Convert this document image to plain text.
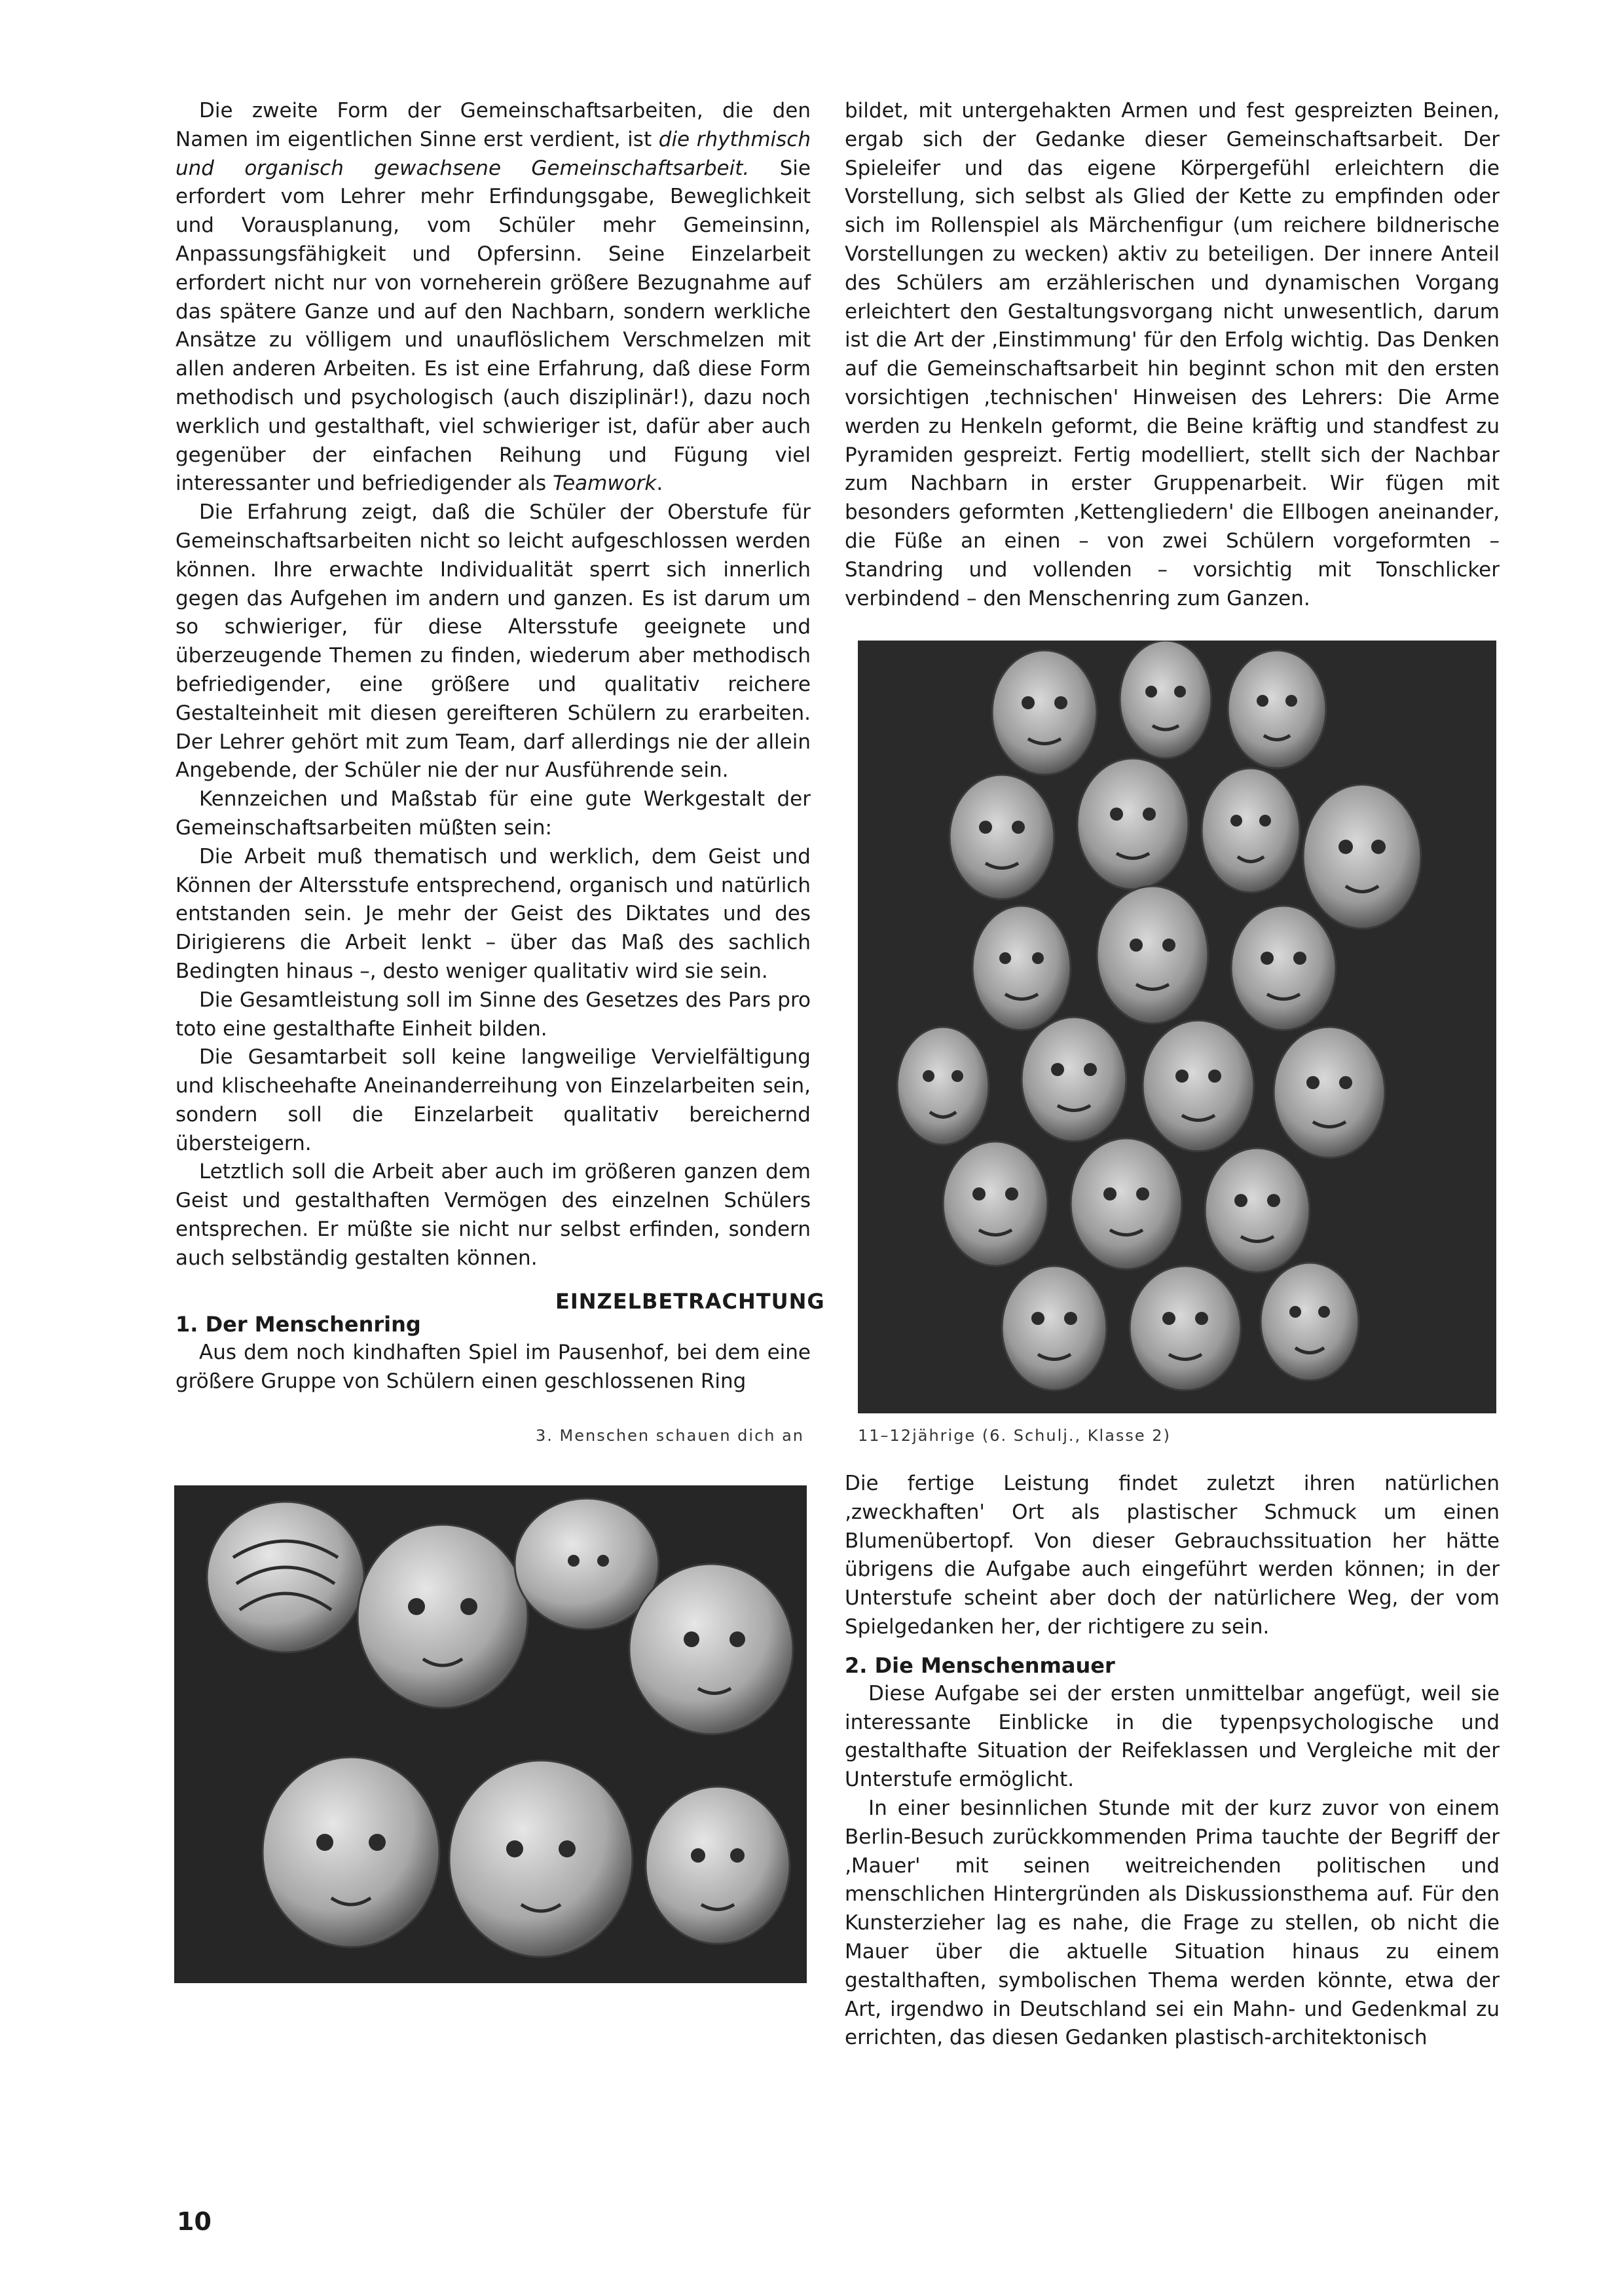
Die zweite Form der Gemeinschaftsarbeiten, die den Namen im eigentlichen Sinne erst verdient, ist die rhythmisch und organisch gewachsene Gemeinschaftsarbeit. Sie erfordert vom Lehrer mehr Erfindungsgabe, Beweglichkeit und Vorausplanung, vom Schüler mehr Gemeinsinn, Anpassungsfähigkeit und Opfersinn. Seine Einzelarbeit erfordert nicht nur von vorneherein größere Bezugnahme auf das spätere Ganze und auf den Nachbarn, sondern werkliche Ansätze zu völligem und unauflöslichem Verschmelzen mit allen anderen Arbeiten. Es ist eine Erfahrung, daß diese Form methodisch und psychologisch (auch disziplinär!), dazu noch werklich und gestalthaft, viel schwieriger ist, dafür aber auch gegenüber der einfachen Reihung und Fügung viel interessanter und befriedigender als Teamwork.

Die Erfahrung zeigt, daß die Schüler der Oberstufe für Gemeinschaftsarbeiten nicht so leicht aufgeschlossen werden können. Ihre erwachte Individualität sperrt sich innerlich gegen das Aufgehen im andern und ganzen. Es ist darum um so schwieriger, für diese Altersstufe geeignete und überzeugende Themen zu finden, wiederum aber methodisch befriedigender, eine größere und qualitativ reichere Gestalteinheit mit diesen gereifteren Schülern zu erarbeiten. Der Lehrer gehört mit zum Team, darf allerdings nie der allein Angebende, der Schüler nie der nur Ausführende sein.

Kennzeichen und Maßstab für eine gute Werkgestalt der Gemeinschaftsarbeiten müßten sein:

Die Arbeit muß thematisch und werklich, dem Geist und Können der Altersstufe entsprechend, organisch und natürlich entstanden sein. Je mehr der Geist des Diktates und des Dirigierens die Arbeit lenkt – über das Maß des sachlich Bedingten hinaus –, desto weniger qualitativ wird sie sein.

Die Gesamtleistung soll im Sinne des Gesetzes des Pars pro toto eine gestalthafte Einheit bilden.

Die Gesamtarbeit soll keine langweilige Vervielfältigung und klischeehafte Aneinanderreihung von Einzelarbeiten sein, sondern soll die Einzelarbeit qualitativ bereichernd übersteigern.

Letztlich soll die Arbeit aber auch im größeren ganzen dem Geist und gestalthaften Vermögen des einzelnen Schülers entsprechen. Er müßte sie nicht nur selbst erfinden, sondern auch selbständig gestalten können.

EINZELBETRACHTUNG

1. Der Menschenring

Aus dem noch kindhaften Spiel im Pausenhof, bei dem eine größere Gruppe von Schülern einen geschlossenen Ring

bildet, mit untergehakten Armen und fest gespreizten Beinen, ergab sich der Gedanke dieser Gemeinschaftsarbeit. Der Spieleifer und das eigene Körpergefühl erleichtern die Vorstellung, sich selbst als Glied der Kette zu empfinden oder sich im Rollenspiel als Märchenfigur (um reichere bildnerische Vorstellungen zu wecken) aktiv zu beteiligen. Der innere Anteil des Schülers am erzählerischen und dynamischen Vorgang erleichtert den Gestaltungsvorgang nicht unwesentlich, darum ist die Art der ‚Einstimmung' für den Erfolg wichtig. Das Denken auf die Gemeinschaftsarbeit hin beginnt schon mit den ersten vorsichtigen ‚technischen' Hinweisen des Lehrers: Die Arme werden zu Henkeln geformt, die Beine kräftig und standfest zu Pyramiden gespreizt. Fertig modelliert, stellt sich der Nachbar zum Nachbarn in erster Gruppenarbeit. Wir fügen mit besonders geformten ‚Kettengliedern' die Ellbogen aneinander, die Füße an einen – von zwei Schülern vorgeformten – Standring und vollenden – vorsichtig mit Tonschlicker verbindend – den Menschenring zum Ganzen.

3. Menschen schauen dich an	11–12jährige (6. Schulj., Klasse 2)

Die fertige Leistung findet zuletzt ihren natürlichen ‚zweckhaften' Ort als plastischer Schmuck um einen Blumenübertopf. Von dieser Gebrauchssituation her hätte übrigens die Aufgabe auch eingeführt werden können; in der Unterstufe scheint aber doch der natürlichere Weg, der vom Spielgedanken her, der richtigere zu sein.

2. Die Menschenmauer

Diese Aufgabe sei der ersten unmittelbar angefügt, weil sie interessante Einblicke in die typenpsychologische und gestalthafte Situation der Reifeklassen und Vergleiche mit der Unterstufe ermöglicht.

In einer besinnlichen Stunde mit der kurz zuvor von einem Berlin-Besuch zurückkommenden Prima tauchte der Begriff der ‚Mauer' mit seinen weitreichenden politischen und menschlichen Hintergründen als Diskussionsthema auf. Für den Kunsterzieher lag es nahe, die Frage zu stellen, ob nicht die Mauer über die aktuelle Situation hinaus zu einem gestalthaften, symbolischen Thema werden könnte, etwa der Art, irgendwo in Deutschland sei ein Mahn- und Gedenkmal zu errichten, das diesen Gedanken plastisch-architektonisch

10
